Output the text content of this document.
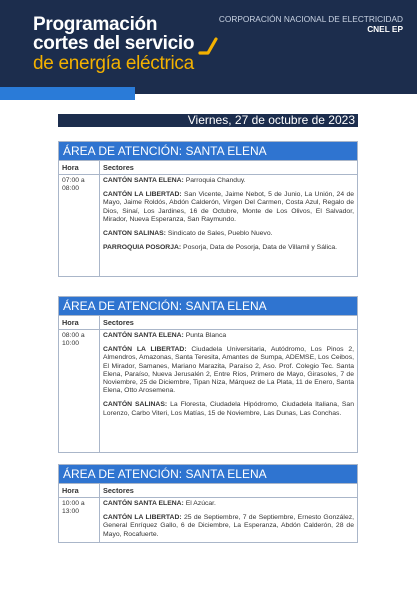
Programación
cortes del servicio
de energía eléctrica
CORPORACIÓN NACIONAL DE ELECTRICIDAD
CNEL EP
Viernes, 27 de octubre de 2023
ÁREA DE ATENCIÓN: SANTA ELENA
Hora	Sectores
07:00 a 08:00
CANTÓN SANTA ELENA: Parroquia Chanduy.
CANTÓN LA LIBERTAD: San Vicente, Jaime Nebot, 5 de Junio, La Unión, 24 de Mayo, Jaime Roldós, Abdón Calderón, Virgen Del Carmen, Costa Azul, Regalo de Dios, Sinaí, Los Jardines, 16 de Octubre, Monte de Los Olivos, El Salvador, Mirador, Nueva Esperanza, San Raymundo.
CANTON SALINAS: Sindicato de Sales, Pueblo Nuevo.
PARROQUIA POSORJA: Posorja, Data de Posorja, Data de Villamil y Sálica.
ÁREA DE ATENCIÓN: SANTA ELENA
Hora	Sectores
08:00 a 10:00
CANTÓN SANTA ELENA: Punta Blanca
CANTÓN LA LIBERTAD: Ciudadela Universitaria, Autódromo, Los Pinos 2, Almendros, Amazonas, Santa Teresita, Amantes de Sumpa, ADEMSE, Los Ceibos, El Mirador, Samanes, Mariano Marazita, Paraíso 2, Aso. Prof. Colegio Tec. Santa Elena, Paraíso, Nueva Jerusalén 2, Entre Ríos, Primero de Mayo, Girasoles, 7 de Noviembre, 25 de Diciembre, Tipan Niza, Márquez de La Plata, 11 de Enero, Santa Elena, Otto Arosemena.
CANTÓN SALINAS: La Floresta, Ciudadela Hipódromo, Ciudadela Italiana, San Lorenzo, Carbo Viteri, Los Matías, 15 de Noviembre, Las Dunas, Las Conchas.
ÁREA DE ATENCIÓN: SANTA ELENA
Hora	Sectores
10:00 a 13:00
CANTÓN SANTA ELENA: El Azúcar.
CANTÓN LA LIBERTAD: 25 de Septiembre, 7 de Septiembre, Ernesto González, General Enríquez Gallo, 6 de Diciembre, La Esperanza, Abdón Calderón, 28 de Mayo, Rocafuerte.
